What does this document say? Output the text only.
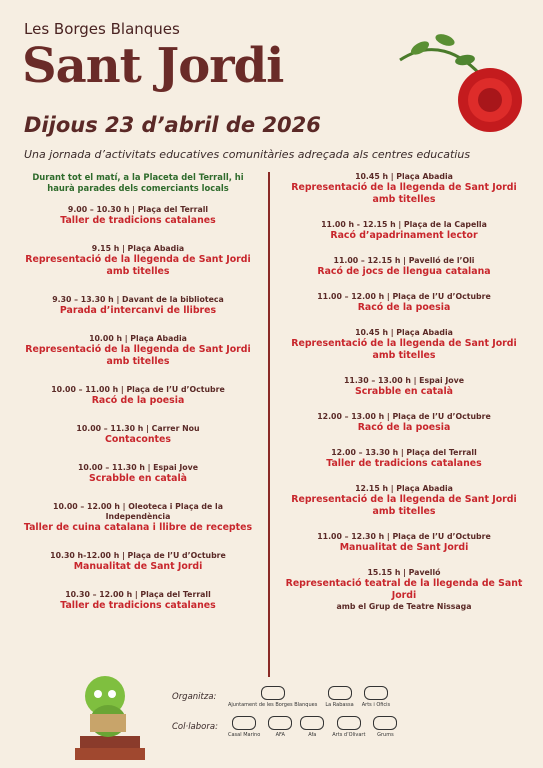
Les Borges Blanques
Sant Jordi
Dijous 23 d’abril de 2026
Una jornada d’activitats educatives comunitàries adreçada als centres educatius
Durant tot el matí, a la Placeta del Terrall, hi haurà parades dels comerciants locals
9.00 – 10.30 h | Plaça del Terrall
Taller de tradicions catalanes
9.15 h | Plaça Abadia
Representació de la llegenda de Sant Jordi amb titelles
9.30 – 13.30 h | Davant de la biblioteca
Parada d’intercanvi de llibres
10.00 h | Plaça Abadia
Representació de la llegenda de Sant Jordi amb titelles
10.00 – 11.00 h | Plaça de l’U d’Octubre
Racó de la poesia
10.00 – 11.30 h | Carrer Nou
Contacontes
10.00 – 11.30 h | Espai Jove
Scrabble en català
10.00 – 12.00 h | Oleoteca i Plaça de la Independència
Taller de cuina catalana i llibre de receptes
10.30 h-12.00 h | Plaça de l’U d’Octubre
Manualitat de Sant Jordi
10.30 – 12.00 h | Plaça del Terrall
Taller de tradicions catalanes
10.45 h | Plaça Abadia
Representació de la llegenda de Sant Jordi amb titelles
11.00 h - 12.15 h | Plaça de la Capella
Racó d’apadrinament lector
11.00 – 12.15 h | Pavelló de l’Oli
Racó de jocs de llengua catalana
11.00 – 12.00 h | Plaça de l’U d’Octubre
Racó de la poesia
10.45 h | Plaça Abadia
Representació de la llegenda de Sant Jordi amb titelles
11.30 – 13.00 h | Espai Jove
Scrabble en català
12.00 – 13.00 h | Plaça de l’U d’Octubre
Racó de la poesia
12.00 – 13.30 h | Plaça del Terrall
Taller de tradicions catalanes
12.15 h | Plaça Abadia
Representació de la llegenda de Sant Jordi amb titelles
11.00 – 12.30 h | Plaça de l’U d’Octubre
Manualitat de Sant Jordi
15.15 h | Pavelló
Representació teatral de la llegenda de Sant Jordi
amb el Grup de Teatre Nissaga
Organitza:
Ajuntament de les Borges Blanques La Rabassa Arts i Oficis
Col·labora:
Casal Marino	AFA	Afa	Arts d’Olivart	Grums
